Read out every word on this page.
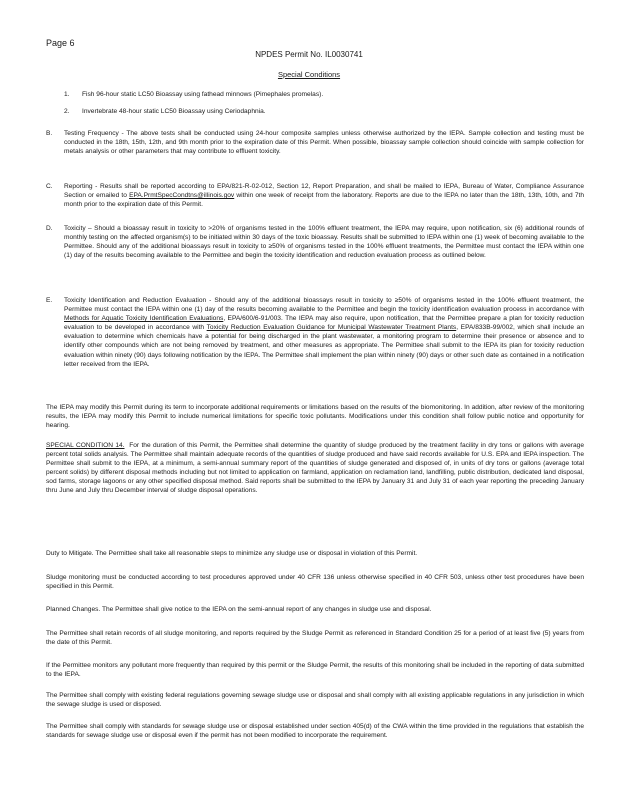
Page 6
NPDES Permit No. IL0030741
Special Conditions
1. Fish 96-hour static LC50 Bioassay using fathead minnows (Pimephales promelas).
2. Invertebrate 48-hour static LC50 Bioassay using Ceriodaphnia.
B. Testing Frequency - The above tests shall be conducted using 24-hour composite samples unless otherwise authorized by the IEPA. Sample collection and testing must be conducted in the 18th, 15th, 12th, and 9th month prior to the expiration date of this Permit. When possible, bioassay sample collection should coincide with sample collection for metals analysis or other parameters that may contribute to effluent toxicity.
C. Reporting - Results shall be reported according to EPA/821-R-02-012, Section 12, Report Preparation, and shall be mailed to IEPA, Bureau of Water, Compliance Assurance Section or emailed to EPA.PrmtSpecCondtns@illinois.gov within one week of receipt from the laboratory. Reports are due to the IEPA no later than the 18th, 13th, 10th, and 7th month prior to the expiration date of this Permit.
D. Toxicity – Should a bioassay result in toxicity to >20% of organisms tested in the 100% effluent treatment, the IEPA may require, upon notification, six (6) additional rounds of monthly testing on the affected organism(s) to be initiated within 30 days of the toxic bioassay. Results shall be submitted to IEPA within one (1) week of becoming available to the Permittee. Should any of the additional bioassays result in toxicity to ≥50% of organisms tested in the 100% effluent treatments, the Permittee must contact the IEPA within one (1) day of the results becoming available to the Permittee and begin the toxicity identification and reduction evaluation process as outlined below.
E. Toxicity Identification and Reduction Evaluation - Should any of the additional bioassays result in toxicity to ≥50% of organisms tested in the 100% effluent treatment, the Permittee must contact the IEPA within one (1) day of the results becoming available to the Permittee and begin the toxicity identification evaluation process in accordance with Methods for Aquatic Toxicity Identification Evaluations, EPA/600/6-91/003. The IEPA may also require, upon notification, that the Permittee prepare a plan for toxicity reduction evaluation to be developed in accordance with Toxicity Reduction Evaluation Guidance for Municipal Wastewater Treatment Plants, EPA/833B-99/002, which shall include an evaluation to determine which chemicals have a potential for being discharged in the plant wastewater, a monitoring program to determine their presence or absence and to identify other compounds which are not being removed by treatment, and other measures as appropriate. The Permittee shall submit to the IEPA its plan for toxicity reduction evaluation within ninety (90) days following notification by the IEPA. The Permittee shall implement the plan within ninety (90) days or other such date as contained in a notification letter received from the IEPA.
The IEPA may modify this Permit during its term to incorporate additional requirements or limitations based on the results of the biomonitoring. In addition, after review of the monitoring results, the IEPA may modify this Permit to include numerical limitations for specific toxic pollutants. Modifications under this condition shall follow public notice and opportunity for hearing.
SPECIAL CONDITION 14. For the duration of this Permit, the Permittee shall determine the quantity of sludge produced by the treatment facility in dry tons or gallons with average percent total solids analysis. The Permittee shall maintain adequate records of the quantities of sludge produced and have said records available for U.S. EPA and IEPA inspection. The Permittee shall submit to the IEPA, at a minimum, a semi-annual summary report of the quantities of sludge generated and disposed of, in units of dry tons or gallons (average total percent solids) by different disposal methods including but not limited to application on farmland, application on reclamation land, landfilling, public distribution, dedicated land disposal, sod farms, storage lagoons or any other specified disposal method. Said reports shall be submitted to the IEPA by January 31 and July 31 of each year reporting the preceding January thru June and July thru December interval of sludge disposal operations.
Duty to Mitigate. The Permittee shall take all reasonable steps to minimize any sludge use or disposal in violation of this Permit.
Sludge monitoring must be conducted according to test procedures approved under 40 CFR 136 unless otherwise specified in 40 CFR 503, unless other test procedures have been specified in this Permit.
Planned Changes. The Permittee shall give notice to the IEPA on the semi-annual report of any changes in sludge use and disposal.
The Permittee shall retain records of all sludge monitoring, and reports required by the Sludge Permit as referenced in Standard Condition 25 for a period of at least five (5) years from the date of this Permit.
If the Permittee monitors any pollutant more frequently than required by this permit or the Sludge Permit, the results of this monitoring shall be included in the reporting of data submitted to the IEPA.
The Permittee shall comply with existing federal regulations governing sewage sludge use or disposal and shall comply with all existing applicable regulations in any jurisdiction in which the sewage sludge is used or disposed.
The Permittee shall comply with standards for sewage sludge use or disposal established under section 405(d) of the CWA within the time provided in the regulations that establish the standards for sewage sludge use or disposal even if the permit has not been modified to incorporate the requirement.
